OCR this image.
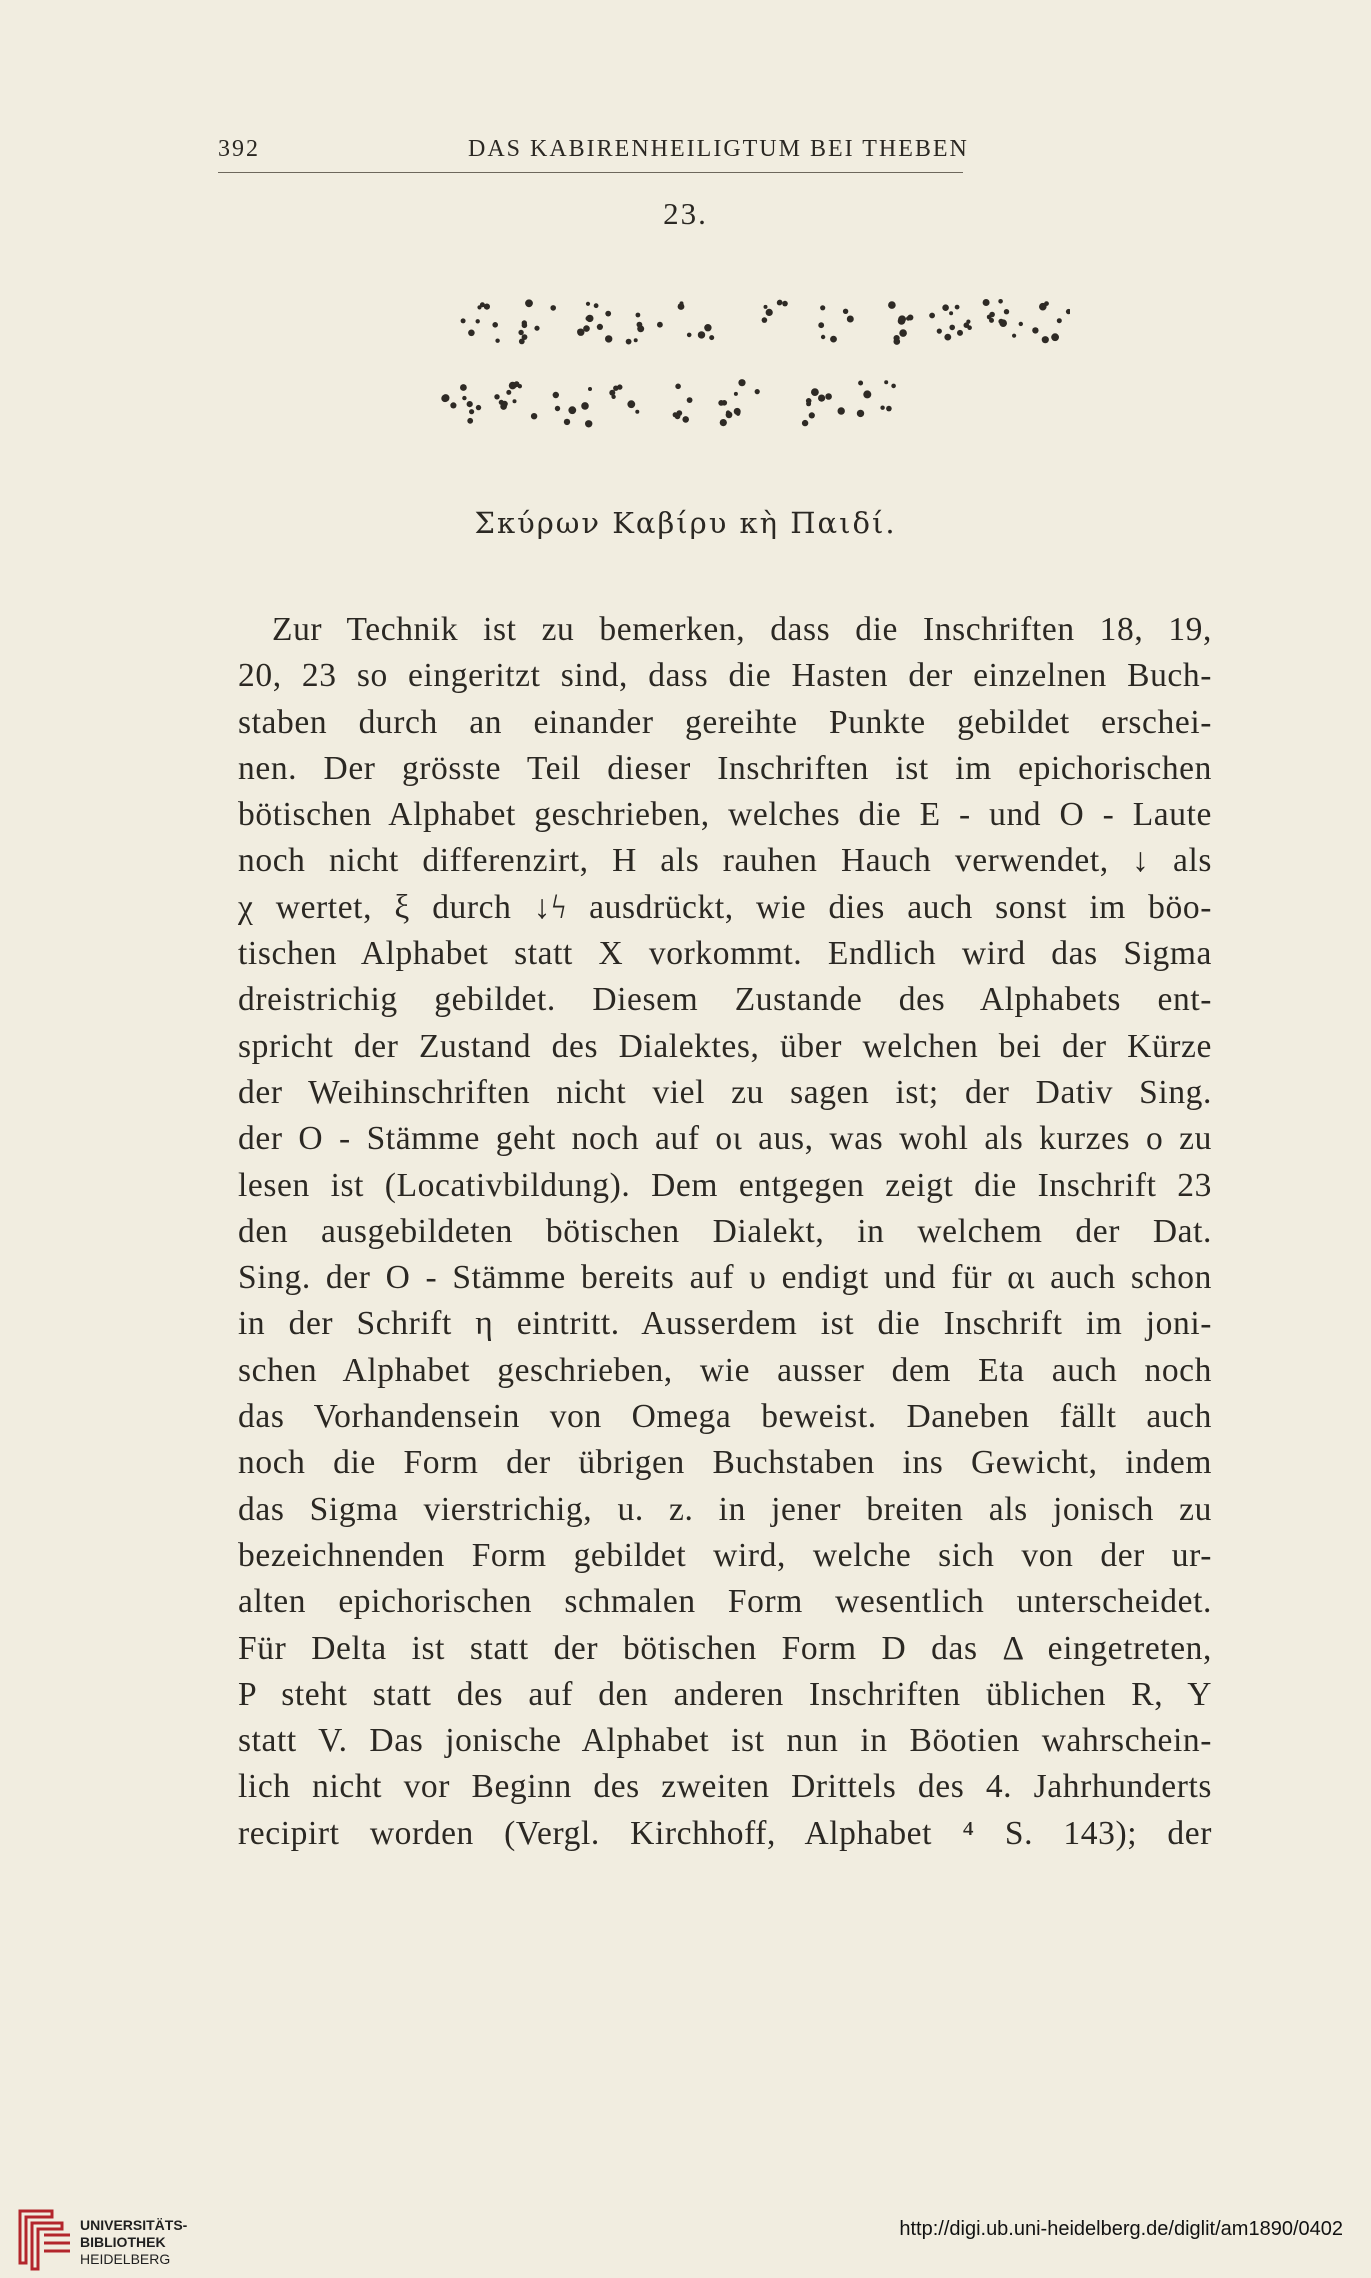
392	DAS KABIRENHEILIGTUM BEI THEBEN
23.
Σκύρων Καβίρυ κὴ Παιδί.
Zur Technik ist zu bemerken, dass die Inschriften 18, 19,
20, 23 so eingeritzt sind, dass die Hasten der einzelnen Buch-
staben durch an einander gereihte Punkte gebildet erschei-
nen. Der grösste Teil dieser Inschriften ist im epichorischen
bötischen Alphabet geschrieben, welches die E - und O - Laute
noch nicht differenzirt, H als rauhen Hauch verwendet, ↓ als
χ wertet, ξ durch ↓ϟ ausdrückt, wie dies auch sonst im böo-
tischen Alphabet statt X vorkommt. Endlich wird das Sigma
dreistrichig gebildet. Diesem Zustande des Alphabets ent-
spricht der Zustand des Dialektes, über welchen bei der Kürze
der Weihinschriften nicht viel zu sagen ist; der Dativ Sing.
der O - Stämme geht noch auf οι aus, was wohl als kurzes ο zu
lesen ist (Locativbildung). Dem entgegen zeigt die Inschrift 23
den ausgebildeten bötischen Dialekt, in welchem der Dat.
Sing. der O - Stämme bereits auf υ endigt und für αι auch schon
in der Schrift η eintritt. Ausserdem ist die Inschrift im joni-
schen Alphabet geschrieben, wie ausser dem Eta auch noch
das Vorhandensein von Omega beweist. Daneben fällt auch
noch die Form der übrigen Buchstaben ins Gewicht, indem
das Sigma vierstrichig, u. z. in jener breiten als jonisch zu
bezeichnenden Form gebildet wird, welche sich von der ur-
alten epichorischen schmalen Form wesentlich unterscheidet.
Für Delta ist statt der bötischen Form D das Δ eingetreten,
P steht statt des auf den anderen Inschriften üblichen R, Y
statt V. Das jonische Alphabet ist nun in Böotien wahrschein-
lich nicht vor Beginn des zweiten Drittels des 4. Jahrhunderts
recipirt worden (Vergl. Kirchhoff, Alphabet ⁴ S. 143); der
UNIVERSITÄTS-
BIBLIOTHEK
HEIDELBERG
http://digi.ub.uni-heidelberg.de/diglit/am1890/0402
